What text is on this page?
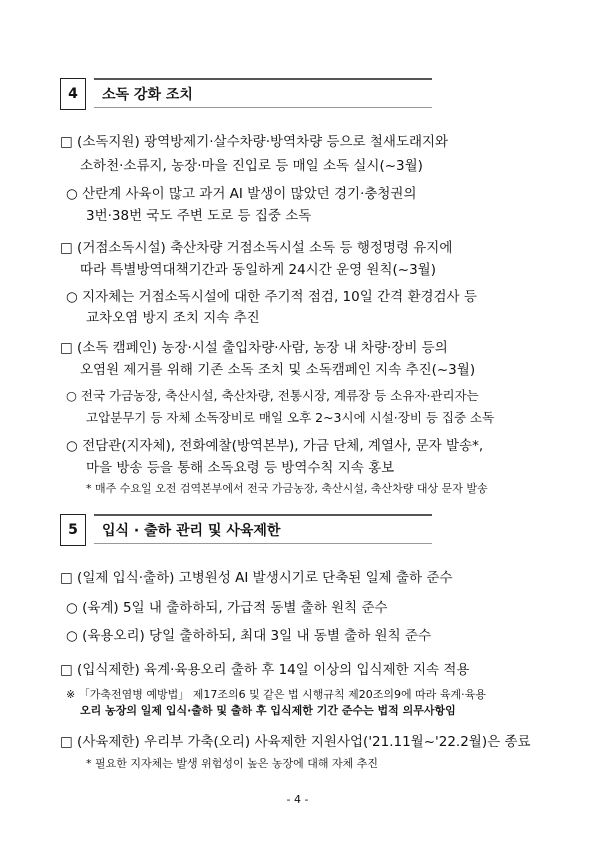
4	소독 강화 조치
□ (소독지원) 광역방제기·살수차량·방역차량 등으로 철새도래지와
소하천·소류지, 농장·마을 진입로 등 매일 소독 실시(~3월)
○ 산란계 사육이 많고 과거 AI 발생이 많았던 경기·충청권의
3번·38번 국도 주변 도로 등 집중 소독
□ (거점소독시설) 축산차량 거점소독시설 소독 등 행정명령 유지에
따라 특별방역대책기간과 동일하게 24시간 운영 원칙(~3월)
○ 지자체는 거점소독시설에 대한 주기적 점검, 10일 간격 환경검사 등
교차오염 방지 조치 지속 추진
□ (소독 캠페인) 농장·시설 출입차량·사람, 농장 내 차량·장비 등의
오염원 제거를 위해 기존 소독 조치 및 소독캠페인 지속 추진(~3월)
○ 전국 가금농장, 축산시설, 축산차량, 전통시장, 계류장 등 소유자·관리자는
고압분무기 등 자체 소독장비로 매일 오후 2~3시에 시설·장비 등 집중 소독
○ 전담관(지자체), 전화예찰(방역본부), 가금 단체, 계열사, 문자 발송*,
마을 방송 등을 통해 소독요령 등 방역수칙 지속 홍보
* 매주 수요일 오전 검역본부에서 전국 가금농장, 축산시설, 축산차량 대상 문자 발송
5	입식 · 출하 관리 및 사육제한
□ (일제 입식·출하) 고병원성 AI 발생시기로 단축된 일제 출하 준수
○ (육계) 5일 내 출하하되, 가급적 동별 출하 원칙 준수
○ (육용오리) 당일 출하하되, 최대 3일 내 동별 출하 원칙 준수
□ (입식제한) 육계·육용오리 출하 후 14일 이상의 입식제한 지속 적용
※ 「가축전염병 예방법」 제17조의6 및 같은 법 시행규칙 제20조의9에 따라 육계·육용
오리 농장의 일제 입식·출하 및 출하 후 입식제한 기간 준수는 법적 의무사항임
□ (사육제한) 우리부 가축(오리) 사육제한 지원사업('21.11월~'22.2월)은 종료
* 필요한 지자체는 발생 위험성이 높은 농장에 대해 자체 추진
- 4 -
